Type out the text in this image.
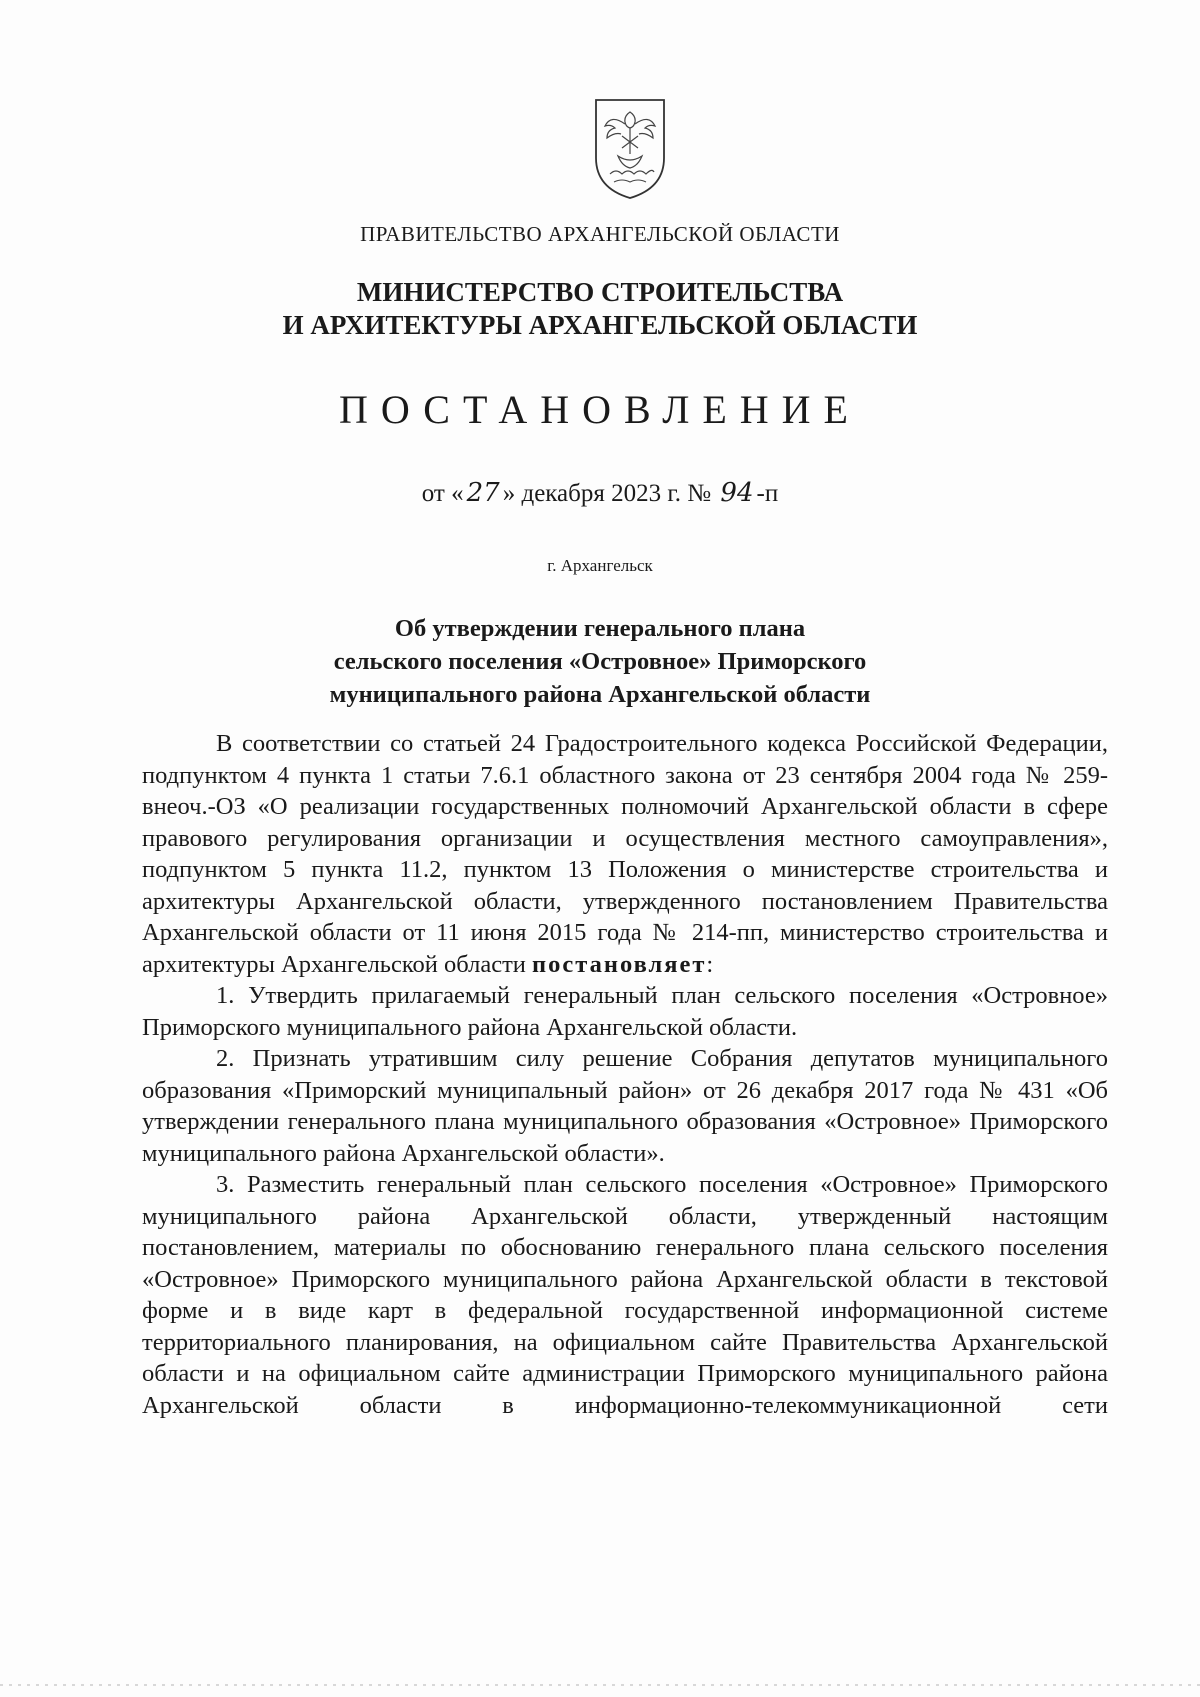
ПРАВИТЕЛЬСТВО АРХАНГЕЛЬСКОЙ ОБЛАСТИ
МИНИСТЕРСТВО СТРОИТЕЛЬСТВА
И АРХИТЕКТУРЫ АРХАНГЕЛЬСКОЙ ОБЛАСТИ
ПОСТАНОВЛЕНИЕ
от « 27 » декабря 2023 г. № 94 -п
г. Архангельск
Об утверждении генерального плана
сельского поселения «Островное» Приморского
муниципального района Архангельской области

В соответствии со статьей 24 Градостроительного кодекса Российской Федерации, подпунктом 4 пункта 1 статьи 7.6.1 областного закона от 23 сентября 2004 года № 259-внеоч.-ОЗ «О реализации государственных полномочий Архангельской области в сфере правового регулирования организации и осуществления местного самоуправления», подпунктом 5 пункта 11.2, пунктом 13 Положения о министерстве строительства и архитектуры Архангельской области, утвержденного постановлением Правительства Архангельской области от 11 июня 2015 года № 214-пп, министерство строительства и архитектуры Архангельской области постановляет:

1. Утвердить прилагаемый генеральный план сельского поселения «Островное» Приморского муниципального района Архангельской области.

2. Признать утратившим силу решение Собрания депутатов муниципального образования «Приморский муниципальный район» от 26 декабря 2017 года № 431 «Об утверждении генерального плана муниципального образования «Островное» Приморского муниципального района Архангельской области».

3. Разместить генеральный план сельского поселения «Островное» Приморского муниципального района Архангельской области, утвержденный настоящим постановлением, материалы по обоснованию генерального плана сельского поселения «Островное» Приморского муниципального района Архангельской области в текстовой форме и в виде карт в федеральной государственной информационной системе территориального планирования, на официальном сайте Правительства Архангельской области и на официальном сайте администрации Приморского муниципального района Архангельской области в информационно-телекоммуникационной сети
